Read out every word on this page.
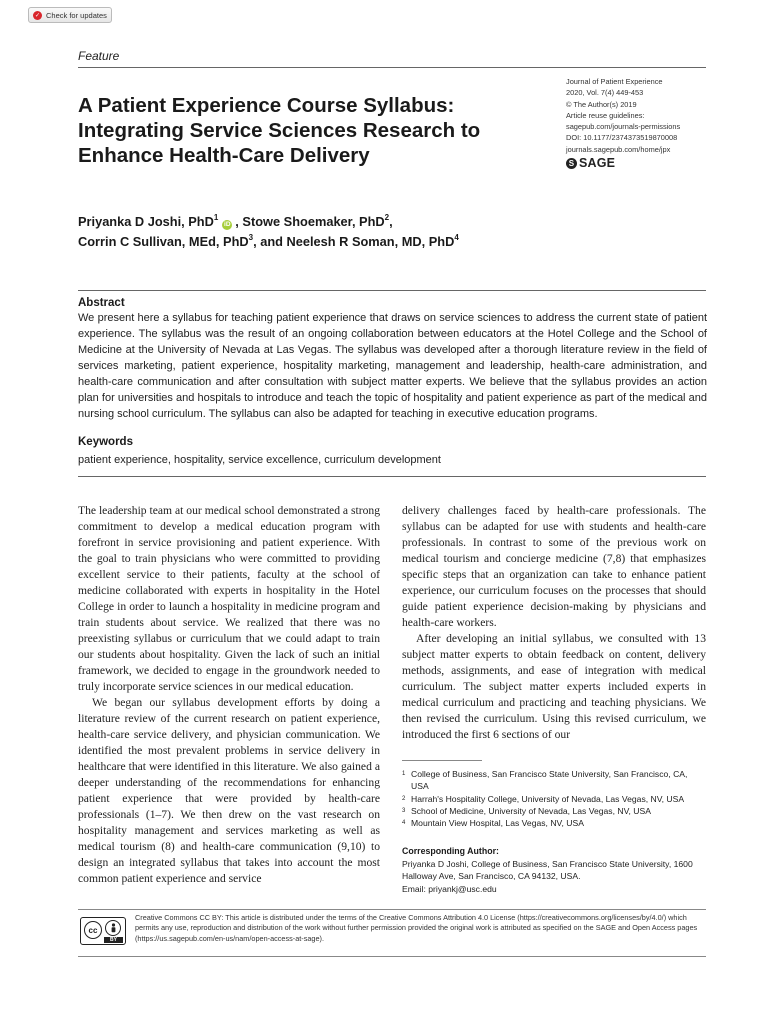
✓ Check for updates
Feature
A Patient Experience Course Syllabus: Integrating Service Sciences Research to Enhance Health-Care Delivery
Journal of Patient Experience
2020, Vol. 7(4) 449-453
© The Author(s) 2019
Article reuse guidelines:
sagepub.com/journals-permissions
DOI: 10.1177/2374373519870008
journals.sagepub.com/home/jpx
S SAGE
Priyanka D Joshi, PhD$^1$iD , Stowe Shoemaker, PhD$^2$,
Corrin C Sullivan, MEd, PhD$^3$, and Neelesh R Soman, MD, PhD$^4$
Abstract
We present here a syllabus for teaching patient experience that draws on service sciences to address the current state of patient experience. The syllabus was the result of an ongoing collaboration between educators at the Hotel College and the School of Medicine at the University of Nevada at Las Vegas. The syllabus was developed after a thorough literature review in the field of services marketing, patient experience, hospitality marketing, management and leadership, health-care administration, and health-care communication and after consultation with subject matter experts. We believe that the syllabus provides an action plan for universities and hospitals to introduce and teach the topic of hospitality and patient experience as part of the medical and nursing school curriculum. The syllabus can also be adapted for teaching in executive education programs.
Keywords
patient experience, hospitality, service excellence, curriculum development

The leadership team at our medical school demonstrated a strong commitment to develop a medical education program with forefront in service provisioning and patient experience. With the goal to train physicians who were committed to providing excellent service to their patients, faculty at the school of medicine collaborated with experts in hospitality in the Hotel College in order to launch a hospitality in medicine program and train students about service. We realized that there was no preexisting syllabus or curriculum that we could adapt to train our students about hospitality. Given the lack of such an initial framework, we decided to engage in the groundwork needed to truly incorporate service sciences in our medical education.

We began our syllabus development efforts by doing a literature review of the current research on patient experience, health-care service delivery, and physician communication. We identified the most prevalent problems in service delivery in healthcare that were identified in this literature. We also gained a deeper understanding of the recommendations for enhancing patient experience that were provided by health-care professionals (1–7). We then drew on the vast research on hospitality management and services marketing as well as medical tourism (8) and health-care communication (9,10) to design an integrated syllabus that takes into account the most common patient experience and service

delivery challenges faced by health-care professionals. The syllabus can be adapted for use with students and health-care professionals. In contrast to some of the previous work on medical tourism and concierge medicine (7,8) that emphasizes specific steps that an organization can take to enhance patient experience, our curriculum focuses on the processes that should guide patient experience decision-making by physicians and health-care workers.

After developing an initial syllabus, we consulted with 13 subject matter experts to obtain feedback on content, delivery methods, assignments, and ease of integration with medical curriculum. The subject matter experts included experts in medical curriculum and practicing and teaching physicians. We then revised the curriculum. Using this revised curriculum, we introduced the first 6 sections of our

1 College of Business, San Francisco State University, San Francisco, CA, USA
2 Harrah's Hospitality College, University of Nevada, Las Vegas, NV, USA
3 School of Medicine, University of Nevada, Las Vegas, NV, USA
4 Mountain View Hospital, Las Vegas, NV, USA
Corresponding Author:
Priyanka D Joshi, College of Business, San Francisco State University, 1600
Halloway Ave, San Francisco, CA 94132, USA.
Email: priyankj@usc.edu
cc
BY
Creative Commons CC BY: This article is distributed under the terms of the Creative Commons Attribution 4.0 License (https://creativecommons.org/licenses/by/4.0/) which permits any use, reproduction and distribution of the work without further permission provided the original work is attributed as specified on the SAGE and Open Access pages (https://us.sagepub.com/en-us/nam/open-access-at-sage).
